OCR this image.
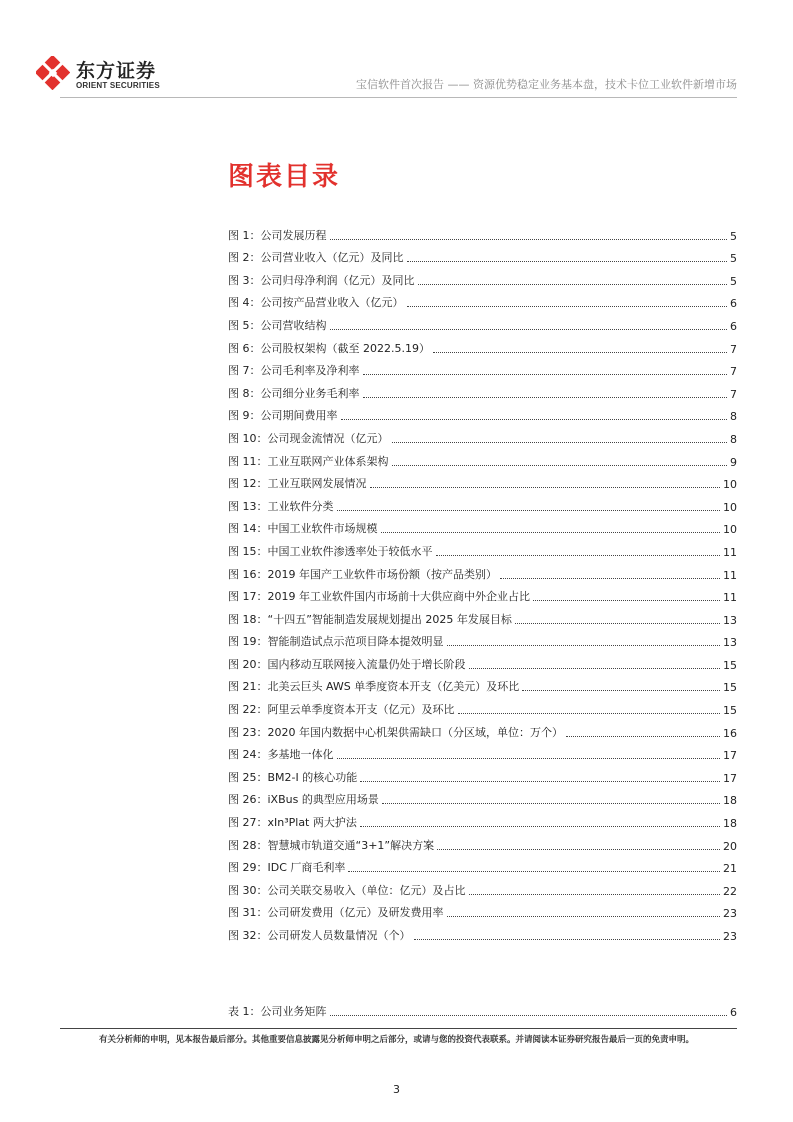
东方证券
ORIENT SECURITIES	宝信软件首次报告 —— 资源优势稳定业务基本盘，技术卡位工业软件新增市场
图表目录
图 1：公司发展历程	5
图 2：公司营业收入（亿元）及同比	5
图 3：公司归母净利润（亿元）及同比	5
图 4：公司按产品营业收入（亿元）	6
图 5：公司营收结构	6
图 6：公司股权架构（截至 2022.5.19）	7
图 7：公司毛利率及净利率	7
图 8：公司细分业务毛利率	7
图 9：公司期间费用率	8
图 10：公司现金流情况（亿元）	8
图 11：工业互联网产业体系架构	9
图 12：工业互联网发展情况	10
图 13：工业软件分类	10
图 14：中国工业软件市场规模	10
图 15：中国工业软件渗透率处于较低水平	11
图 16：2019 年国产工业软件市场份额（按产品类别）	11
图 17：2019 年工业软件国内市场前十大供应商中外企业占比	11
图 18：“十四五”智能制造发展规划提出 2025 年发展目标	13
图 19：智能制造试点示范项目降本提效明显	13
图 20：国内移动互联网接入流量仍处于增长阶段	15
图 21：北美云巨头 AWS 单季度资本开支（亿美元）及环比	15
图 22：阿里云单季度资本开支（亿元）及环比	15
图 23：2020 年国内数据中心机架供需缺口（分区域，单位：万个）	16
图 24：多基地一体化	17
图 25：BM2-I 的核心功能	17
图 26：iXBus 的典型应用场景	18
图 27：xIn³Plat 两大护法	18
图 28：智慧城市轨道交通“3+1”解决方案	20
图 29：IDC 厂商毛利率	21
图 30：公司关联交易收入（单位：亿元）及占比	22
图 31：公司研发费用（亿元）及研发费用率	23
图 32：公司研发人员数量情况（个）	23
表 1：公司业务矩阵	6
有关分析师的申明，见本报告最后部分。其他重要信息披露见分析师申明之后部分，或请与您的投资代表联系。并请阅读本证券研究报告最后一页的免责申明。
3
